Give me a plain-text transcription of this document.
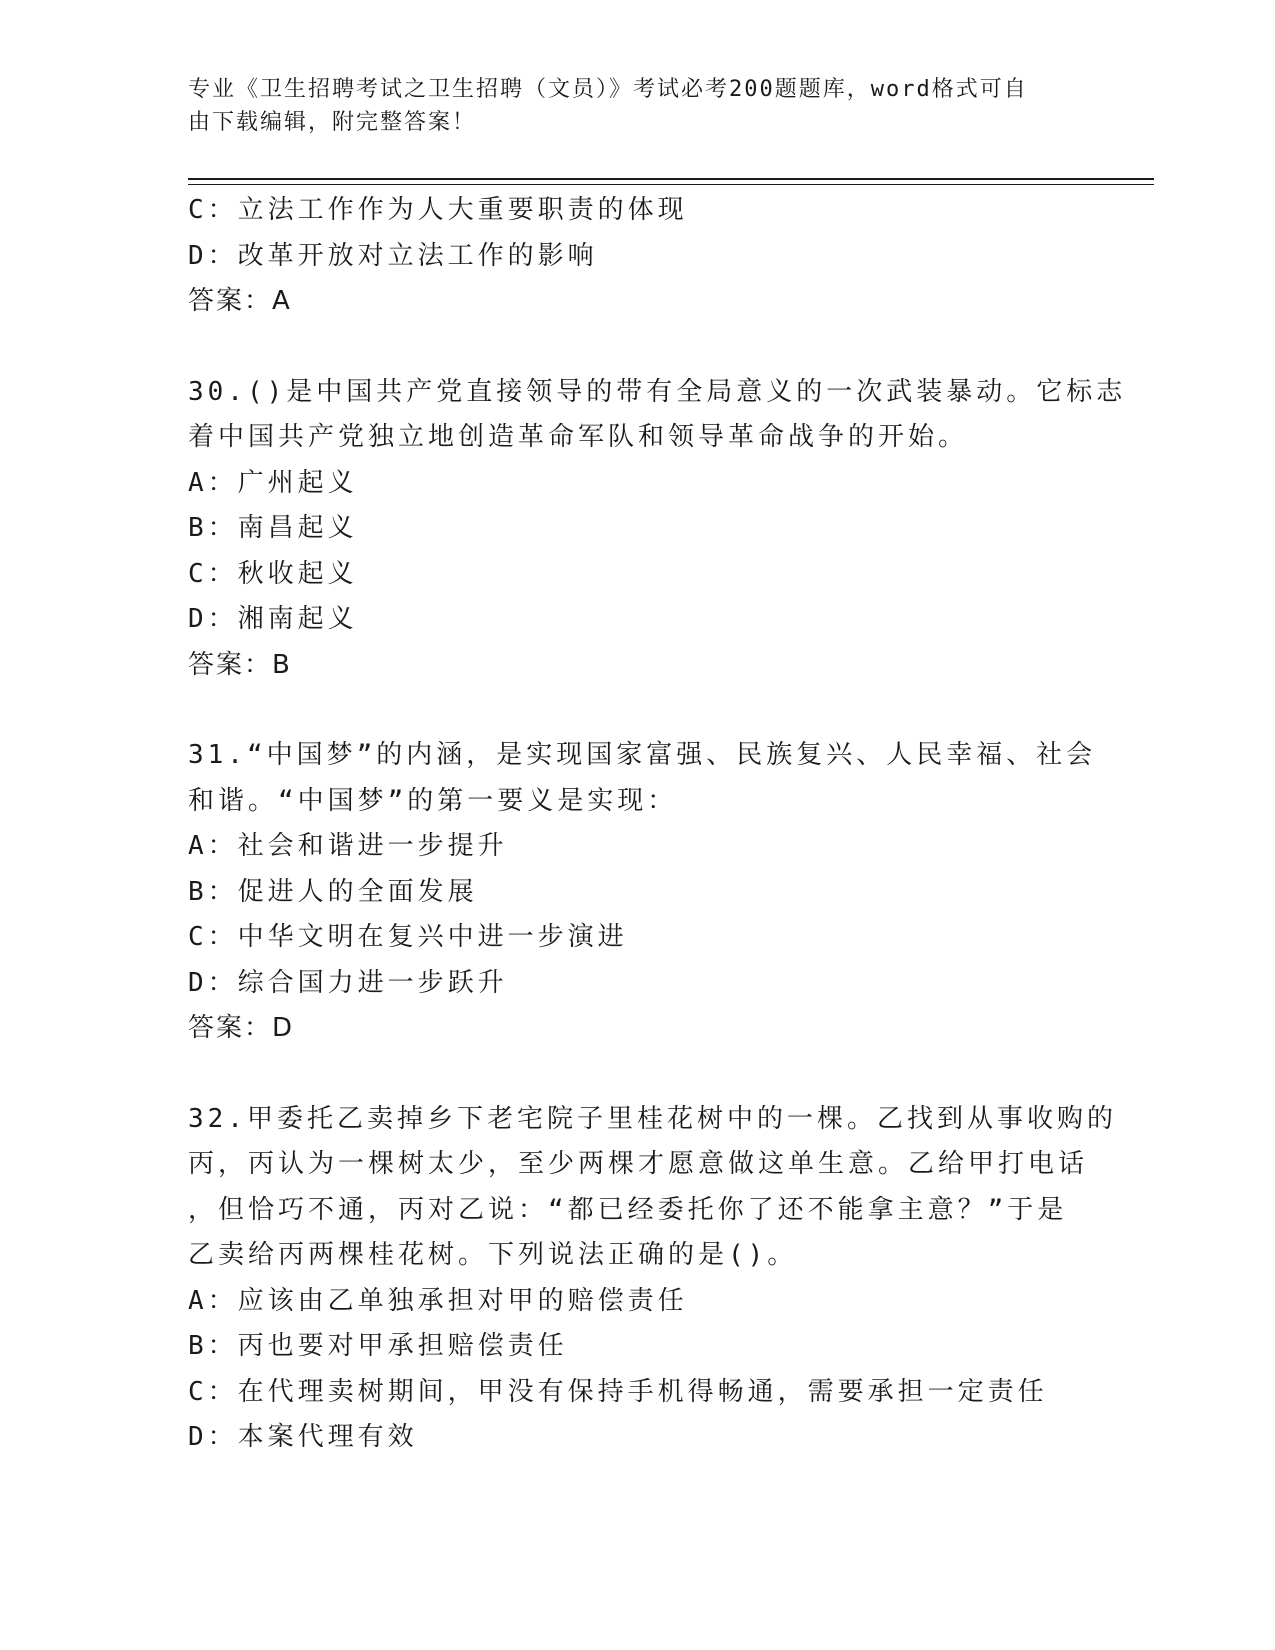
专业《卫生招聘考试之卫生招聘（文员）》考试必考200题题库，word格式可自
由下载编辑，附完整答案！

C：立法工作作为人大重要职责的体现

D：改革开放对立法工作的影响

答案：A

30.()是中国共产党直接领导的带有全局意义的一次武装暴动。它标志

着中国共产党独立地创造革命军队和领导革命战争的开始。

A：广州起义

B：南昌起义

C：秋收起义

D：湘南起义

答案：B

31.“中国梦”的内涵，是实现国家富强、民族复兴、人民幸福、社会

和谐。“中国梦”的第一要义是实现：

A：社会和谐进一步提升

B：促进人的全面发展

C：中华文明在复兴中进一步演进

D：综合国力进一步跃升

答案：D

32.甲委托乙卖掉乡下老宅院子里桂花树中的一棵。乙找到从事收购的

丙，丙认为一棵树太少，至少两棵才愿意做这单生意。乙给甲打电话

，但恰巧不通，丙对乙说：“都已经委托你了还不能拿主意？”于是

乙卖给丙两棵桂花树。下列说法正确的是()。

A：应该由乙单独承担对甲的赔偿责任

B：丙也要对甲承担赔偿责任

C：在代理卖树期间，甲没有保持手机得畅通，需要承担一定责任

D：本案代理有效
